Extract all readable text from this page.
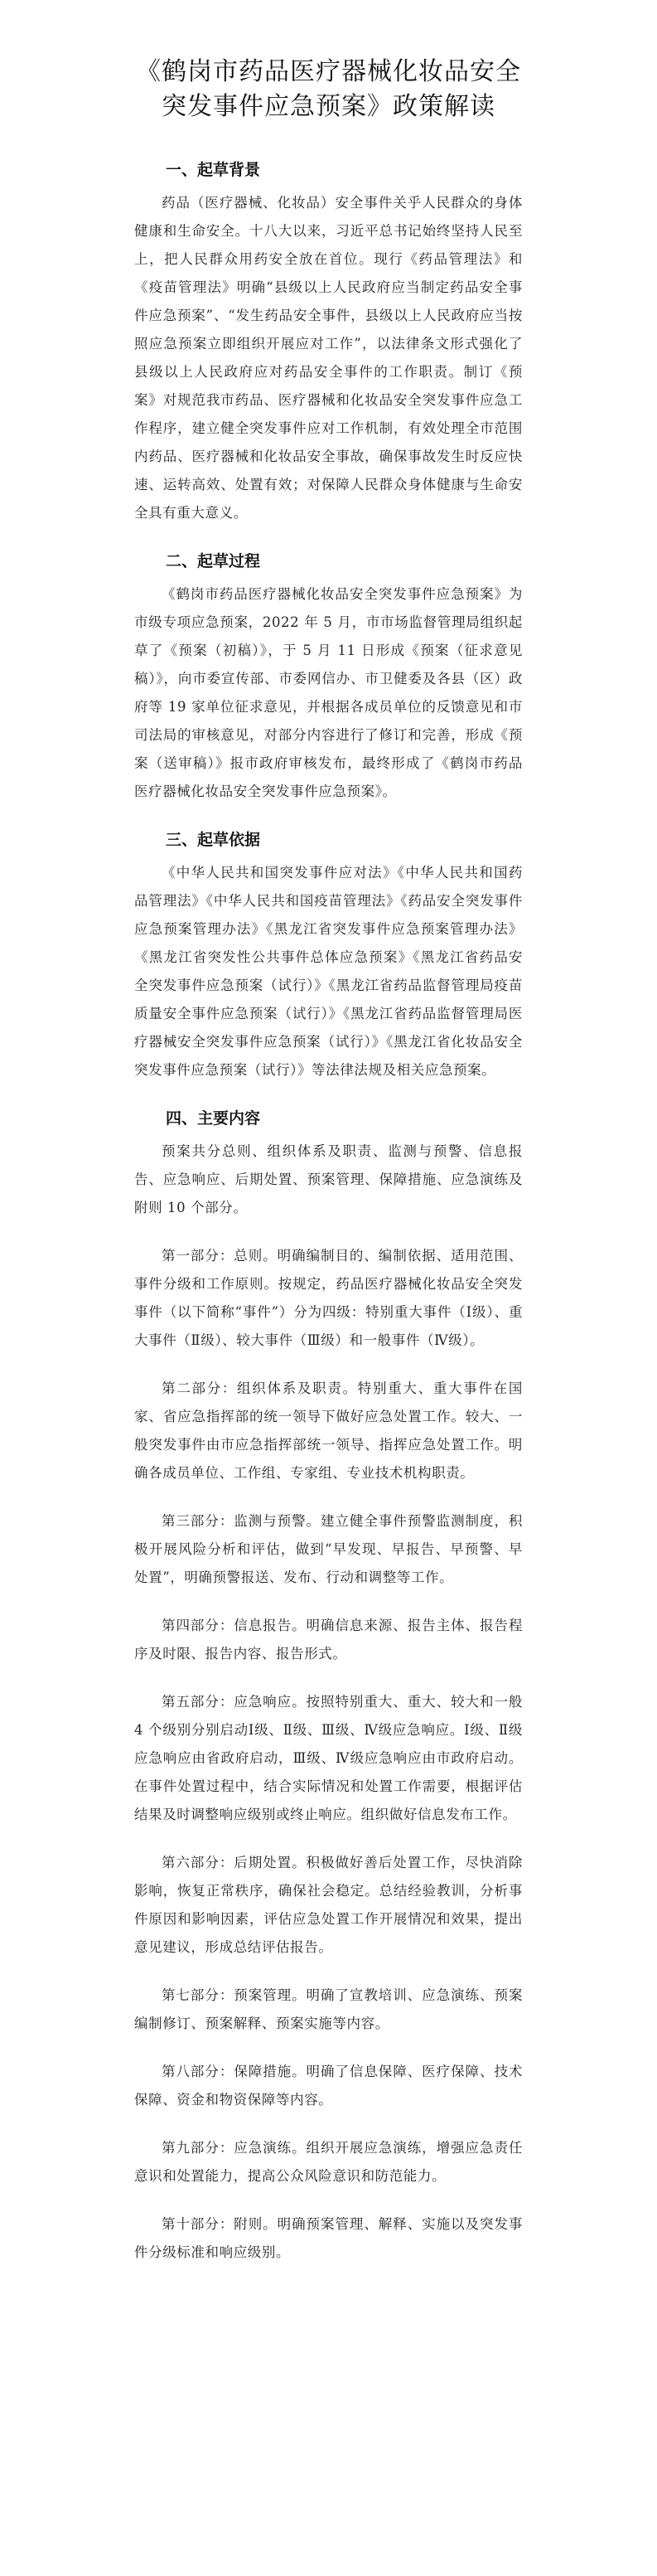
《鹤岗市药品医疗器械化妆品安全
突发事件应急预案》政策解读
一、起草背景

药品（医疗器械、化妆品）安全事件关乎人民群众的身体健康和生命安全。十八大以来，习近平总书记始终坚持人民至上，把人民群众用药安全放在首位。现行《药品管理法》和《疫苗管理法》明确“县级以上人民政府应当制定药品安全事件应急预案”、“发生药品安全事件，县级以上人民政府应当按照应急预案立即组织开展应对工作”，以法律条文形式强化了县级以上人民政府应对药品安全事件的工作职责。制订《预案》对规范我市药品、医疗器械和化妆品安全突发事件应急工作程序，建立健全突发事件应对工作机制，有效处理全市范围内药品、医疗器械和化妆品安全事故，确保事故发生时反应快速、运转高效、处置有效；对保障人民群众身体健康与生命安全具有重大意义。

二、起草过程

《鹤岗市药品医疗器械化妆品安全突发事件应急预案》为市级专项应急预案，2022 年 5 月，市市场监督管理局组织起草了《预案（初稿）》，于 5 月 11 日形成《预案（征求意见稿）》，向市委宣传部、市委网信办、市卫健委及各县（区）政府等 19 家单位征求意见，并根据各成员单位的反馈意见和市司法局的审核意见，对部分内容进行了修订和完善，形成《预案（送审稿）》报市政府审核发布，最终形成了《鹤岗市药品医疗器械化妆品安全突发事件应急预案》。

三、起草依据

《中华人民共和国突发事件应对法》《中华人民共和国药品管理法》《中华人民共和国疫苗管理法》《药品安全突发事件应急预案管理办法》《黑龙江省突发事件应急预案管理办法》《黑龙江省突发性公共事件总体应急预案》《黑龙江省药品安全突发事件应急预案（试行）》《黑龙江省药品监督管理局疫苗质量安全事件应急预案（试行）》《黑龙江省药品监督管理局医疗器械安全突发事件应急预案（试行）》《黑龙江省化妆品安全突发事件应急预案（试行）》等法律法规及相关应急预案。

四、主要内容

预案共分总则、组织体系及职责、监测与预警、信息报告、应急响应、后期处置、预案管理、保障措施、应急演练及附则 10 个部分。

第一部分：总则。明确编制目的、编制依据、适用范围、事件分级和工作原则。按规定，药品医疗器械化妆品安全突发事件（以下简称“事件”）分为四级：特别重大事件（Ⅰ级）、重大事件（Ⅱ级）、较大事件（Ⅲ级）和一般事件（Ⅳ级）。

第二部分：组织体系及职责。特别重大、重大事件在国家、省应急指挥部的统一领导下做好应急处置工作。较大、一般突发事件由市应急指挥部统一领导、指挥应急处置工作。明确各成员单位、工作组、专家组、专业技术机构职责。

第三部分：监测与预警。建立健全事件预警监测制度，积极开展风险分析和评估，做到“早发现、早报告、早预警、早处置”，明确预警报送、发布、行动和调整等工作。

第四部分：信息报告。明确信息来源、报告主体、报告程序及时限、报告内容、报告形式。

第五部分：应急响应。按照特别重大、重大、较大和一般 4 个级别分别启动Ⅰ级、Ⅱ级、Ⅲ级、Ⅳ级应急响应。Ⅰ级、Ⅱ级应急响应由省政府启动，Ⅲ级、Ⅳ级应急响应由市政府启动。在事件处置过程中，结合实际情况和处置工作需要，根据评估结果及时调整响应级别或终止响应。组织做好信息发布工作。

第六部分：后期处置。积极做好善后处置工作，尽快消除影响，恢复正常秩序，确保社会稳定。总结经验教训，分析事件原因和影响因素，评估应急处置工作开展情况和效果，提出意见建议，形成总结评估报告。

第七部分：预案管理。明确了宣教培训、应急演练、预案编制修订、预案解释、预案实施等内容。

第八部分：保障措施。明确了信息保障、医疗保障、技术保障、资金和物资保障等内容。

第九部分：应急演练。组织开展应急演练，增强应急责任意识和处置能力，提高公众风险意识和防范能力。

第十部分：附则。明确预案管理、解释、实施以及突发事件分级标准和响应级别。
